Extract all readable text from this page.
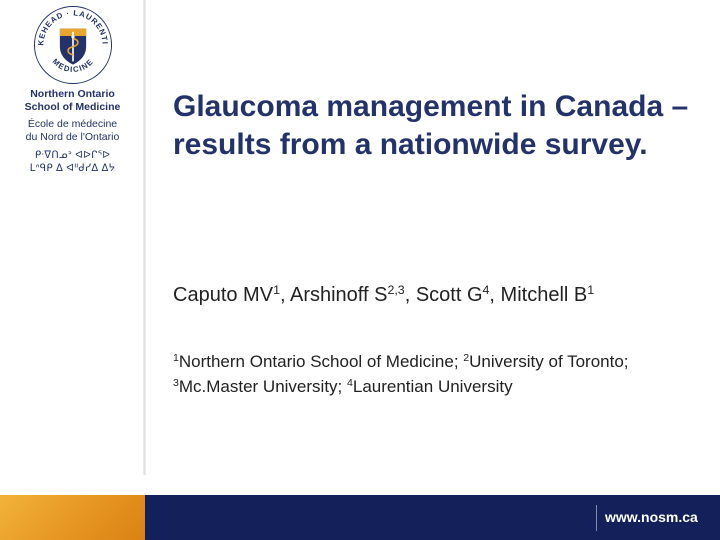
KEHEAD · LAURENTI
MEDICINE
Northern Ontario
School of Medicine
École de médecine
du Nord de l'Ontario
ᑭᐧᐁᑎᓄᐣ ᐊᐅᒋᕐᐅ
ᒪᐢᑫᑭ ᐃ ᐊᐦᑯᓯᐃ ᐃᔭ
Glaucoma management in Canada – results from a nationwide survey.
Caputo $MV^1$, Arshinoff S$^{2,3}$, Scott $G^4$, Mitchell $B^1$
$^1$Northern Ontario School of Medicine; $^2$University of Toronto; $^3$Mc.Master University; $^4$Laurentian University
www.nosm.ca
